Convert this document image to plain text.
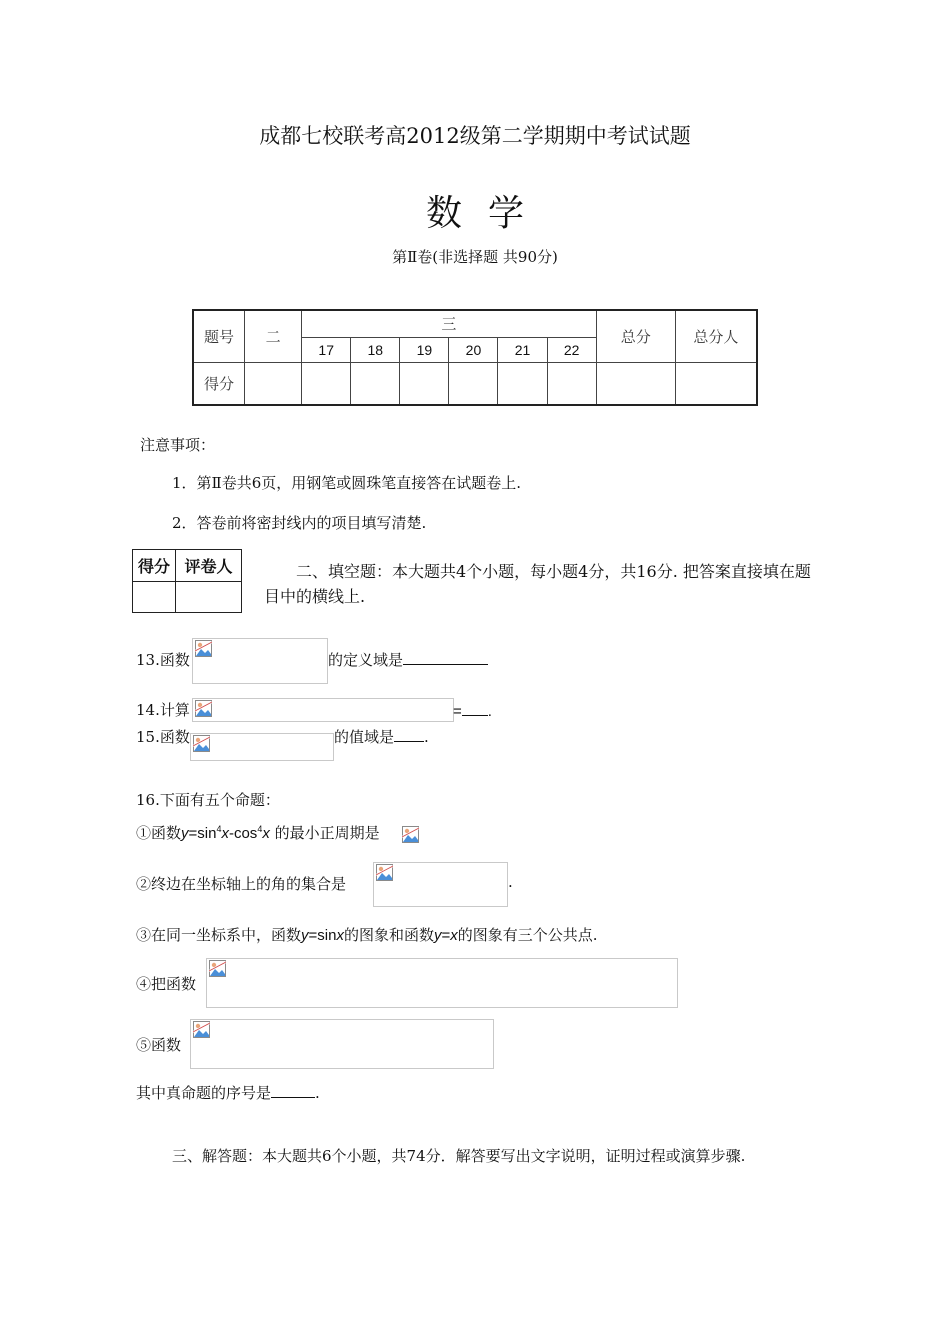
成都七校联考高2012级第二学期期中考试试题
数学
第Ⅱ卷(非选择题 共90分)
题号	二	三						总分	总分人
		17	18	19	20	21	22		
得分									
注意事项：
1．第Ⅱ卷共6页，用钢笔或圆珠笔直接答在试题卷上.
2．答卷前将密封线内的项目填写清楚.
得分	评卷人
		二、填空题：本大题共4个小题，每小题4分，共16分. 把答案直接填在题目中的横线上.
13.函数	的定义域是
14.计算	= .
15.函数	的值域是 .
16.下面有五个命题：
①函数$y=\sin^4x-\cos^4x$ 的最小正周期是
②终边在坐标轴上的角的集合是	.
③在同一坐标系中，函数y=sinx的图象和函数y=x的图象有三个公共点.
④把函数
⑤函数
其中真命题的序号是	.
三、解答题：本大题共6个小题，共74分．解答要写出文字说明，证明过程或演算步骤.
